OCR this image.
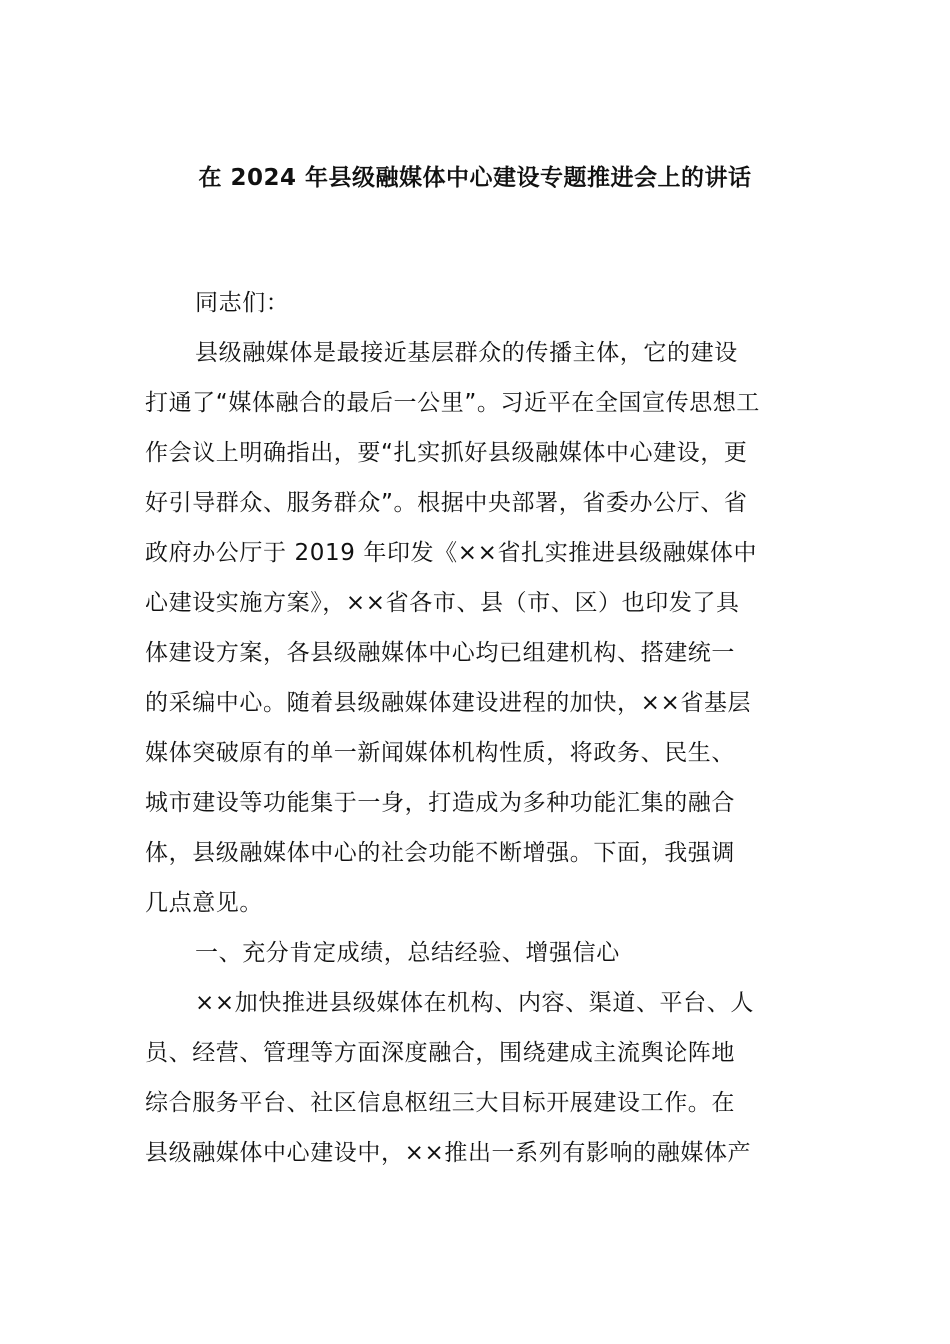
在 2024 年县级融媒体中心建设专题推进会上的讲话
同志们：
县级融媒体是最接近基层群众的传播主体，它的建设
打通了“媒体融合的最后一公里”。习近平在全国宣传思想工
作会议上明确指出，要“扎实抓好县级融媒体中心建设，更
好引导群众、服务群众”。根据中央部署，省委办公厅、省
政府办公厅于 2019 年印发《××省扎实推进县级融媒体中
心建设实施方案》，××省各市、县（市、区）也印发了具
体建设方案，各县级融媒体中心均已组建机构、搭建统一
的采编中心。随着县级融媒体建设进程的加快，××省基层
媒体突破原有的单一新闻媒体机构性质，将政务、民生、
城市建设等功能集于一身，打造成为多种功能汇集的融合
体，县级融媒体中心的社会功能不断增强。下面，我强调
几点意见。
一、充分肯定成绩，总结经验、增强信心
××加快推进县级媒体在机构、内容、渠道、平台、人
员、经营、管理等方面深度融合，围绕建成主流舆论阵地
综合服务平台、社区信息枢纽三大目标开展建设工作。在
县级融媒体中心建设中，××推出一系列有影响的融媒体产
